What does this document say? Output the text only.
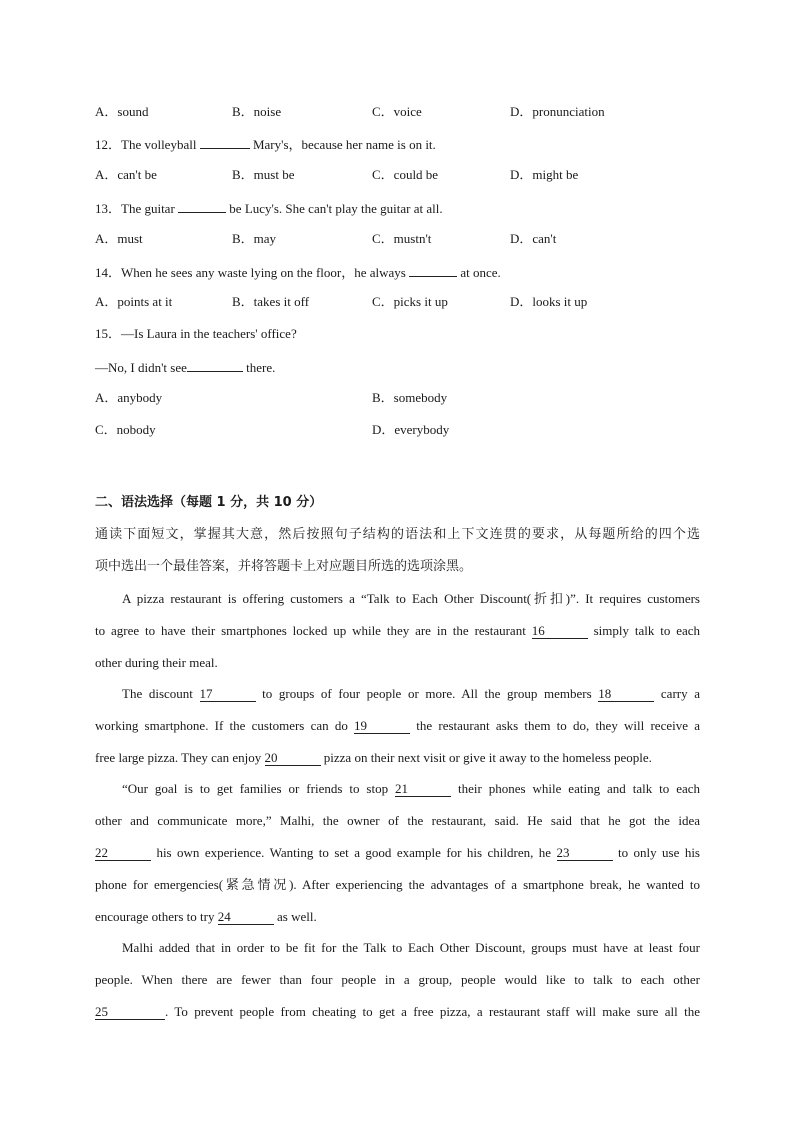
A．sound	B．noise	C．voice	D．pronunciation
12．The volleyball	Mary's，because her name is on it.
A．can't be	B．must be	C．could be	D．might be
13．The guitar	be Lucy's. She can't play the guitar at all.
A．must	B．may	C．mustn't	D．can't
14．When he sees any waste lying on the floor，he always	at once.
A．points at it	B．takes it off	C．picks it up	D．looks it up
15．—Is Laura in the teachers' office?
—No, I didn't see	there.
A．anybody	B．somebody
C．nobody	D．everybody
二、语法选择（每题 1 分，共 10 分）
通读下面短文，掌握其大意，然后按照句子结构的语法和上下文连贯的要求，从每题所给的四个选
项中选出一个最佳答案，并将答题卡上对应题目所选的选项涂黑。
A pizza restaurant is offering customers a “Talk to Each Other Discount(折扣)”. It requires customers
to agree to have their smartphones locked up while they are in the restaurant 16	simply talk to each
other during their meal.
The discount 17	to groups of four people or more. All the group members 18	carry a
working smartphone. If the customers can do 19	the restaurant asks them to do, they will receive a
free large pizza. They can enjoy 20	pizza on their next visit or give it away to the homeless people.
“Our goal is to get families or friends to stop 21	their phones while eating and talk to each
other and communicate more,” Malhi, the owner of the restaurant, said. He said that he got the idea
22	his own experience. Wanting to set a good example for his children, he 23	to only use his
phone for emergencies(紧急情况). After experiencing the advantages of a smartphone break, he wanted to
encourage others to try 24	as well.
Malhi added that in order to be fit for the Talk to Each Other Discount, groups must have at least four
people. When there are fewer than four people in a group, people would like to talk to each other
25	. To prevent people from cheating to get a free pizza, a restaurant staff will make sure all the
